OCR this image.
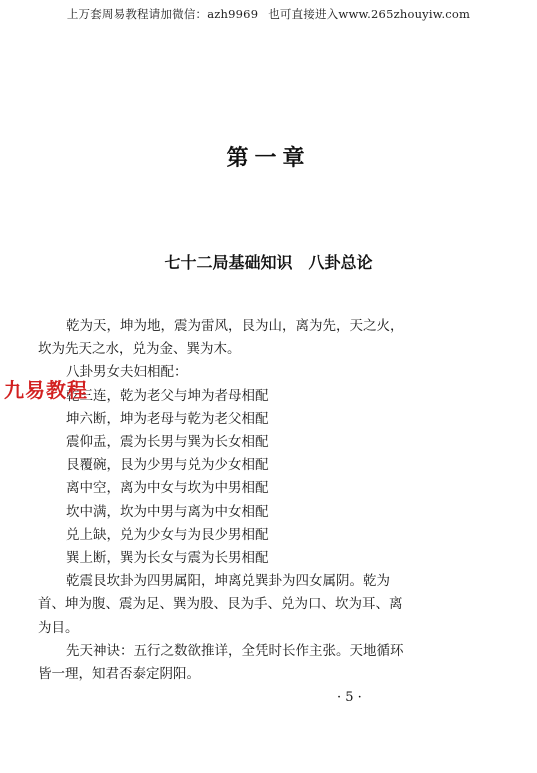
上万套周易教程请加微信：azh9969 也可直接进入www.265zhouyiw.com
第一章
七十二局基础知识 八卦总论

乾为天，坤为地，震为雷风，艮为山，离为先，天之火，坎为先天之水，兑为金、巽为木。

八卦男女夫妇相配：

乾三连，乾为老父与坤为者母相配

坤六断，坤为老母与乾为老父相配

震仰盂，震为长男与巽为长女相配

艮覆碗，艮为少男与兑为少女相配

离中空，离为中女与坎为中男相配

坎中满，坎为中男与离为中女相配

兑上缺，兑为少女与为艮少男相配

巽上断，巽为长女与震为长男相配

乾震艮坎卦为四男属阳，坤离兑巽卦为四女属阴。乾为首、坤为腹、震为足、巽为股、艮为手、兑为口、坎为耳、离为目。

先天神诀：五行之数欲推详，全凭时长作主张。天地循环皆一理，知君否泰定阴阳。

九易教程
· 5 ·
